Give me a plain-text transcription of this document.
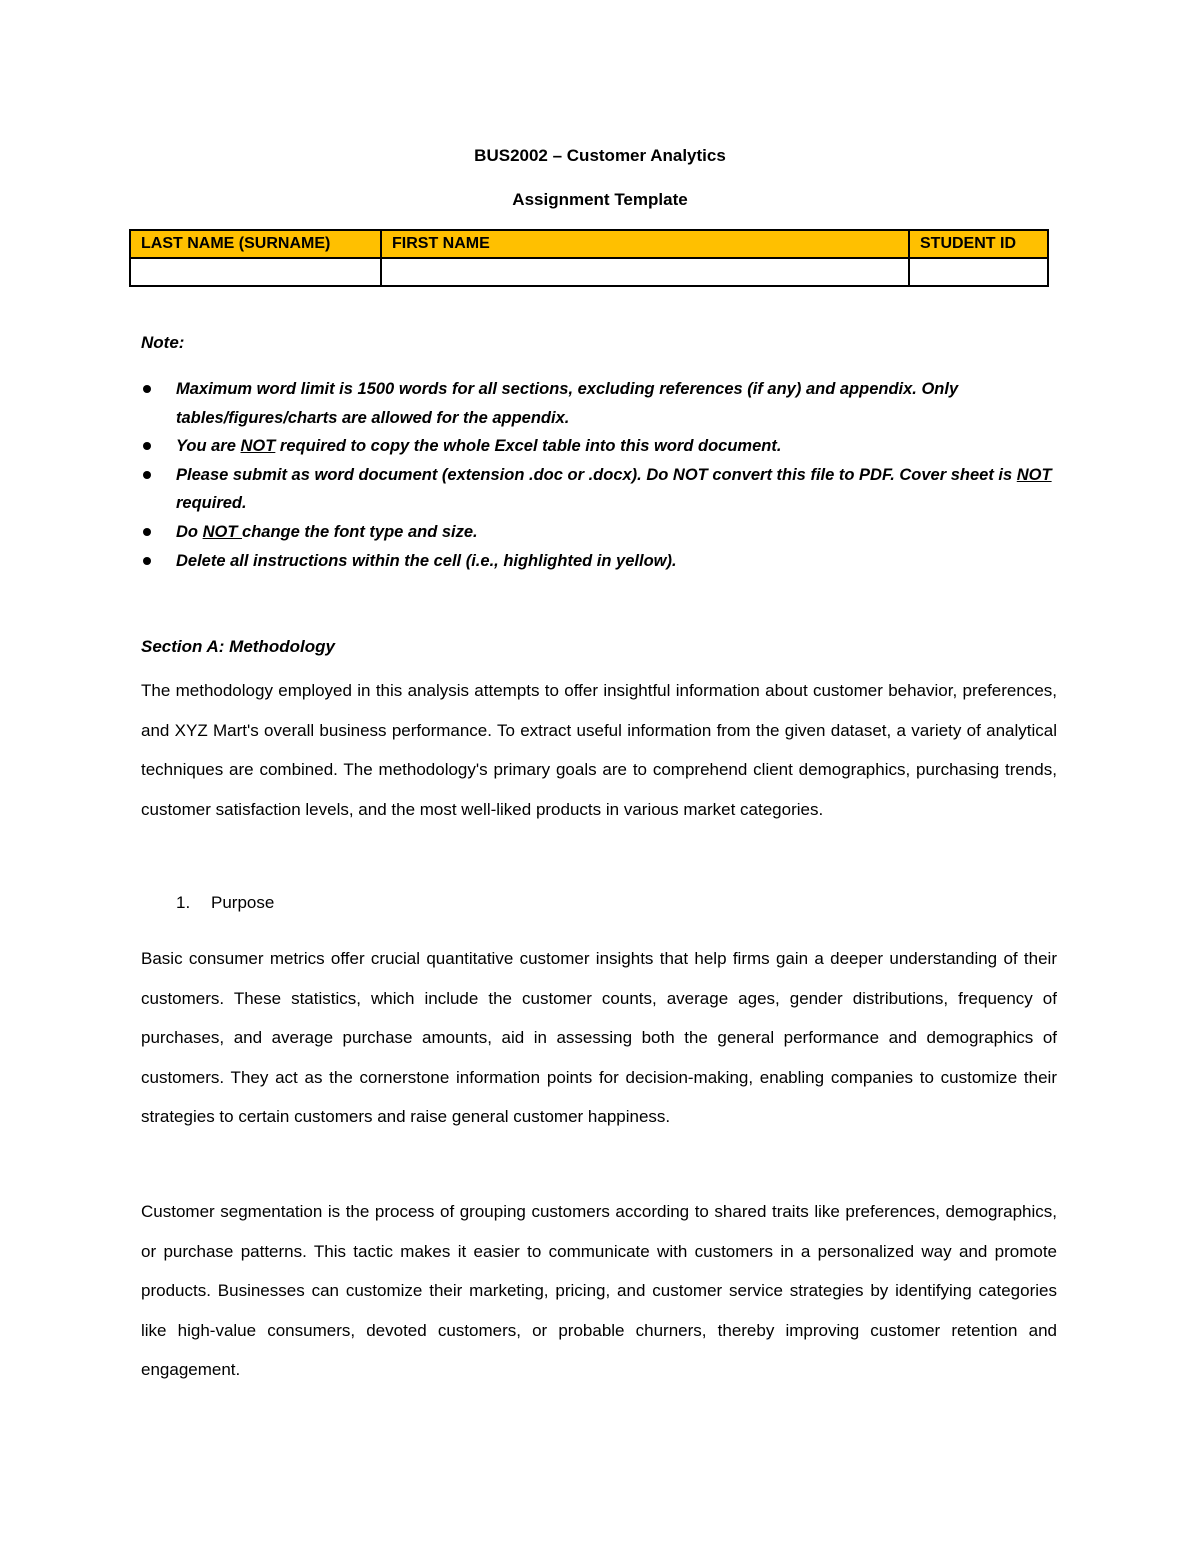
BUS2002 – Customer Analytics
Assignment Template
LAST NAME (SURNAME)	FIRST NAME	STUDENT ID

Note:
Maximum word limit is 1500 words for all sections, excluding references (if any) and appendix. Only tables/figures/charts are allowed for the appendix.
You are NOT required to copy the whole Excel table into this word document.
Please submit as word document (extension .doc or .docx). Do NOT convert this file to PDF. Cover sheet is NOT required.
Do NOT change the font type and size.
Delete all instructions within the cell (i.e., highlighted in yellow).
Section A: Methodology

The methodology employed in this analysis attempts to offer insightful information about customer behavior, preferences, and XYZ Mart's overall business performance. To extract useful information from the given dataset, a variety of analytical techniques are combined. The methodology's primary goals are to comprehend client demographics, purchasing trends, customer satisfaction levels, and the most well-liked products in various market categories.

1. Purpose

Basic consumer metrics offer crucial quantitative customer insights that help firms gain a deeper understanding of their customers. These statistics, which include the customer counts, average ages, gender distributions, frequency of purchases, and average purchase amounts, aid in assessing both the general performance and demographics of customers. They act as the cornerstone information points for decision-making, enabling companies to customize their strategies to certain customers and raise general customer happiness.

Customer segmentation is the process of grouping customers according to shared traits like preferences, demographics, or purchase patterns. This tactic makes it easier to communicate with customers in a personalized way and promote products. Businesses can customize their marketing, pricing, and customer service strategies by identifying categories like high-value consumers, devoted customers, or probable churners, thereby improving customer retention and engagement.
